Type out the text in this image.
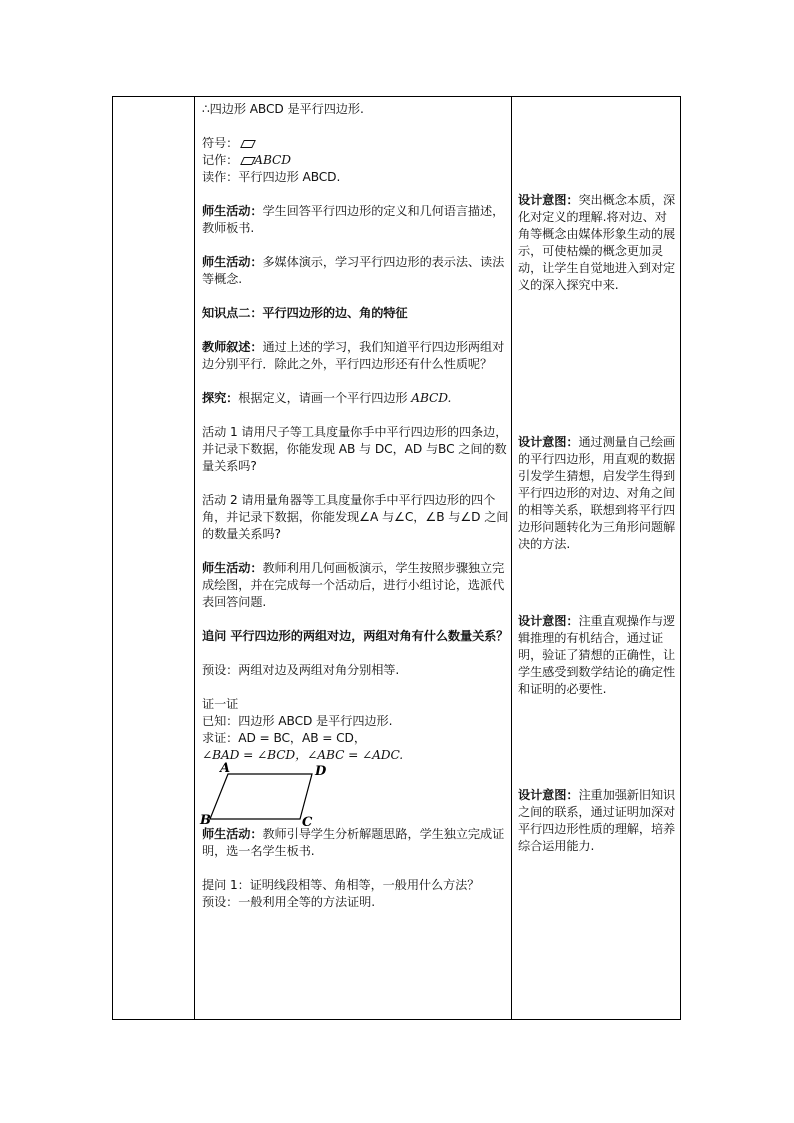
∴四边形 ABCD 是平行四边形.

符号：

记作： ABCD

读作：平行四边形 ABCD.

师生活动：学生回答平行四边形的定义和几何语言描述，教师板书.

师生活动：多媒体演示，学习平行四边形的表示法、读法等概念.

知识点二：平行四边形的边、角的特征

教师叙述：通过上述的学习，我们知道平行四边形两组对边分别平行．除此之外，平行四边形还有什么性质呢？

探究：根据定义，请画一个平行四边形 ABCD.

活动 1 请用尺子等工具度量你手中平行四边形的四条边，并记录下数据，你能发现 AB 与 DC，AD 与BC 之间的数量关系吗?

活动 2 请用量角器等工具度量你手中平行四边形的四个角，并记录下数据，你能发现∠A 与∠C，∠B 与∠D 之间的数量关系吗?

师生活动：教师利用几何画板演示，学生按照步骤独立完成绘图，并在完成每一个活动后，进行小组讨论，选派代表回答问题.

追问 平行四边形的两组对边，两组对角有什么数量关系？

预设：两组对边及两组对角分别相等.

证一证

已知：四边形 ABCD 是平行四边形.

求证：AD = BC，AB = CD，

∠BAD = ∠BCD，∠ABC = ∠ADC.

A	D
B	C

师生活动：教师引导学生分析解题思路，学生独立完成证明，选一名学生板书.

提问 1：证明线段相等、角相等，一般用什么方法？

预设：一般利用全等的方法证明.

设计意图：突出概念本质，深化对定义的理解.将对边、对角等概念由媒体形象生动的展示，可使枯燥的概念更加灵动，让学生自觉地进入到对定义的深入探究中来.
设计意图：通过测量自己绘画的平行四边形，用直观的数据引发学生猜想，启发学生得到平行四边形的对边、对角之间的相等关系，联想到将平行四边形问题转化为三角形问题解决的方法.
设计意图：注重直观操作与逻辑推理的有机结合，通过证明，验证了猜想的正确性，让学生感受到数学结论的确定性和证明的必要性.
设计意图：注重加强新旧知识之间的联系，通过证明加深对平行四边形性质的理解，培养综合运用能力.
